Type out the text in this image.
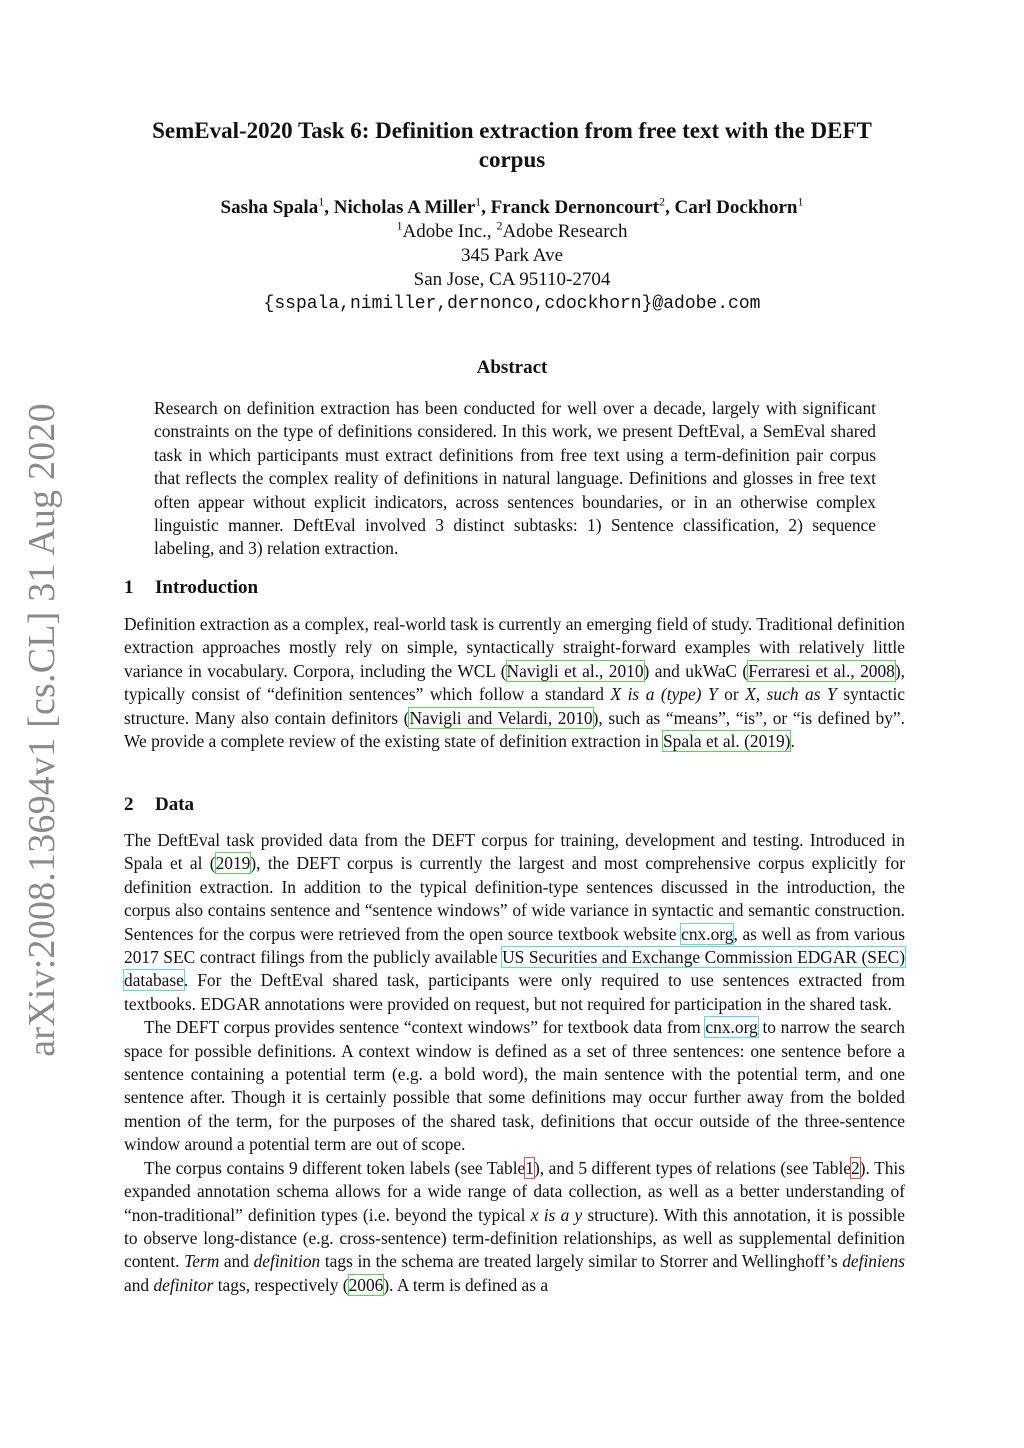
arXiv:2008.13694v1 [cs.CL] 31 Aug 2020
SemEval-2020 Task 6: Definition extraction from free text with the DEFT
corpus
Sasha Spala$^1$, Nicholas A Miller$^1$, Franck Dernoncourt$^2$, Carl Dockhorn$^1$
$^1$Adobe Inc., $^2$Adobe Research
345 Park Ave
San Jose, CA 95110-2704
{sspala,nimiller,dernonco,cdockhorn}@adobe.com
Abstract
Research on definition extraction has been conducted for well over a decade, largely with significant constraints on the type of definitions considered. In this work, we present DeftEval, a SemEval shared task in which participants must extract definitions from free text using a term-definition pair corpus that reflects the complex reality of definitions in natural language. Definitions and glosses in free text often appear without explicit indicators, across sentences boundaries, or in an otherwise complex linguistic manner. DeftEval involved 3 distinct subtasks: 1) Sentence classification, 2) sequence labeling, and 3) relation extraction.
1 Introduction

Definition extraction as a complex, real-world task is currently an emerging field of study. Traditional definition extraction approaches mostly rely on simple, syntactically straight-forward examples with relatively little variance in vocabulary. Corpora, including the WCL (Navigli et al., 2010) and ukWaC (Ferraresi et al., 2008), typically consist of “definition sentences” which follow a standard X is a (type) Y or X, such as Y syntactic structure. Many also contain definitors (Navigli and Velardi, 2010), such as “means”, “is”, or “is defined by”. We provide a complete review of the existing state of definition extraction in Spala et al. (2019).

2 Data

The DeftEval task provided data from the DEFT corpus for training, development and testing. Introduced in Spala et al (2019), the DEFT corpus is currently the largest and most comprehensive corpus explicitly for definition extraction. In addition to the typical definition-type sentences discussed in the introduction, the corpus also contains sentence and “sentence windows” of wide variance in syntactic and semantic construction. Sentences for the corpus were retrieved from the open source textbook website cnx.org, as well as from various 2017 SEC contract filings from the publicly available US Securities and Exchange Commission EDGAR (SEC) database. For the DeftEval shared task, participants were only required to use sentences extracted from textbooks. EDGAR annotations were provided on request, but not required for participation in the shared task.

The DEFT corpus provides sentence “context windows” for textbook data from cnx.org to narrow the search space for possible definitions. A context window is defined as a set of three sentences: one sentence before a sentence containing a potential term (e.g. a bold word), the main sentence with the potential term, and one sentence after. Though it is certainly possible that some definitions may occur further away from the bolded mention of the term, for the purposes of the shared task, definitions that occur outside of the three-sentence window around a potential term are out of scope.

The corpus contains 9 different token labels (see Table1), and 5 different types of relations (see Table2). This expanded annotation schema allows for a wide range of data collection, as well as a better understanding of “non-traditional” definition types (i.e. beyond the typical x is a y structure). With this annotation, it is possible to observe long-distance (e.g. cross-sentence) term-definition relationships, as well as supplemental definition content. Term and definition tags in the schema are treated largely similar to Storrer and Wellinghoff’s definiens and definitor tags, respectively (2006). A term is defined as a
